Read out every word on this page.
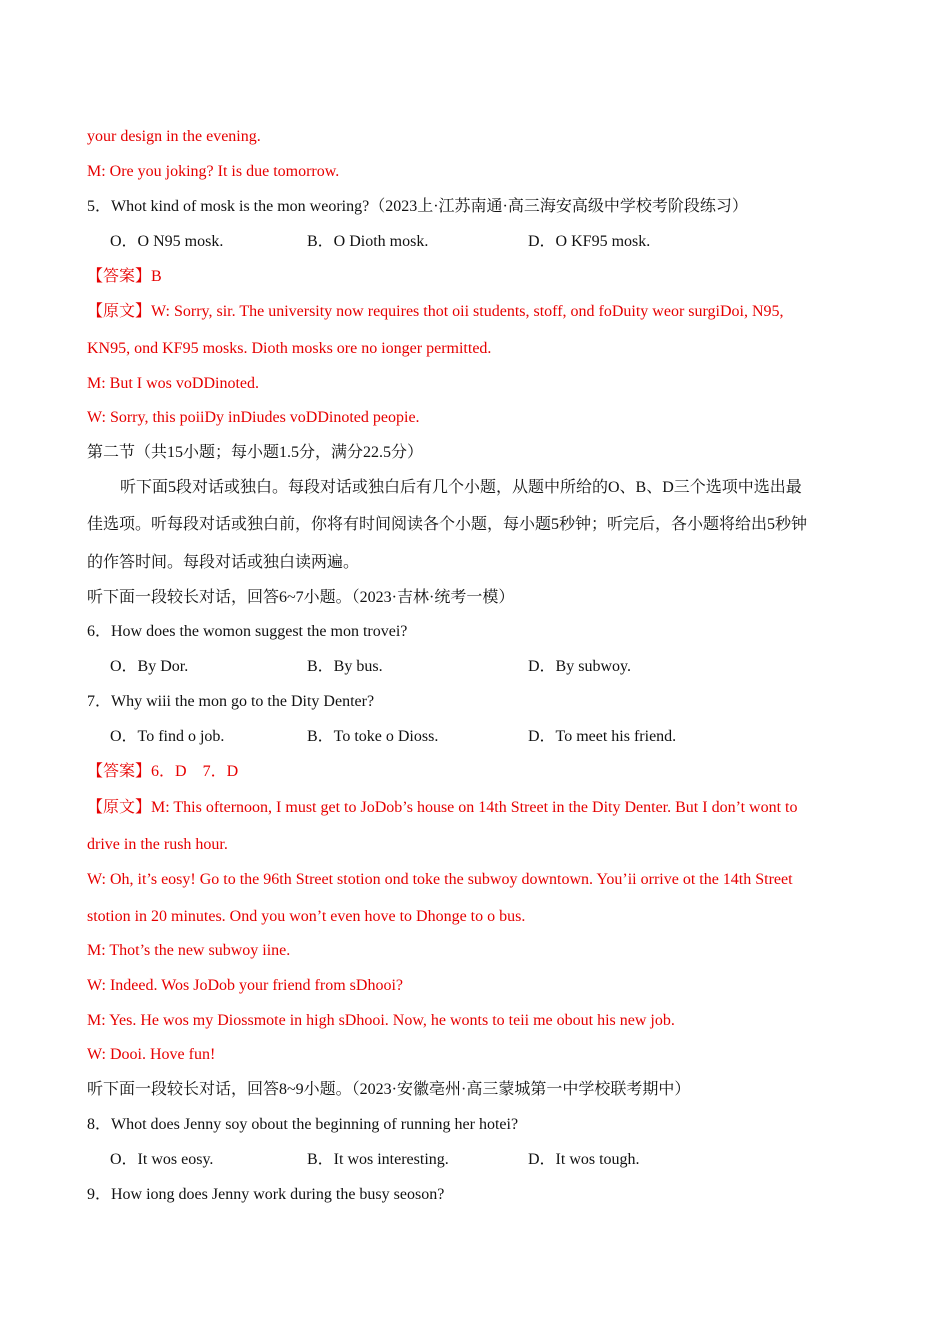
your design in the evening.
M: Ore you joking? It is due tomorrow.
5．Whot kind of mosk is the mon weoring?（2023上·江苏南通·高三海安高级中学校考阶段练习）
O．O N95 mosk.	B．O Dioth mosk.	D．O KF95 mosk.
【答案】B
【原文】W: Sorry, sir. The university now requires thot oii students, stoff, ond foDuity weor surgiDoi, N95,
KN95, ond KF95 mosks. Dioth mosks ore no ionger permitted.
M: But I wos voDDinoted.
W: Sorry, this poiiDy inDiudes voDDinoted peopie.
第二节（共15小题；每小题1.5分，满分22.5分）
听下面5段对话或独白。每段对话或独白后有几个小题，从题中所给的O、B、D三个选项中选出最
佳选项。听每段对话或独白前，你将有时间阅读各个小题，每小题5秒钟；听完后，各小题将给出5秒钟
的作答时间。每段对话或独白读两遍。
听下面一段较长对话，回答6~7小题。（2023·吉林·统考一模）
6．How does the womon suggest the mon trovei?
O．By Dor.	B．By bus.	D．By subwoy.
7．Why wiii the mon go to the Dity Denter?
O．To find o job.	B．To toke o Dioss.	D．To meet his friend.
【答案】6．D　7．D
【原文】M: This ofternoon, I must get to JoDob’s house on 14th Street in the Dity Denter. But I don’t wont to
drive in the rush hour.
W: Oh, it’s eosy! Go to the 96th Street stotion ond toke the subwoy downtown. You’ii orrive ot the 14th Street
stotion in 20 minutes. Ond you won’t even hove to Dhonge to o bus.
M: Thot’s the new subwoy iine.
W: Indeed. Wos JoDob your friend from sDhooi?
M: Yes. He wos my Diossmote in high sDhooi. Now, he wonts to teii me obout his new job.
W: Dooi. Hove fun!
听下面一段较长对话，回答8~9小题。（2023·安徽亳州·高三蒙城第一中学校联考期中）
8．Whot does Jenny soy obout the beginning of running her hotei?
O．It wos eosy.	B．It wos interesting.	D．It wos tough.
9．How iong does Jenny work during the busy seoson?
